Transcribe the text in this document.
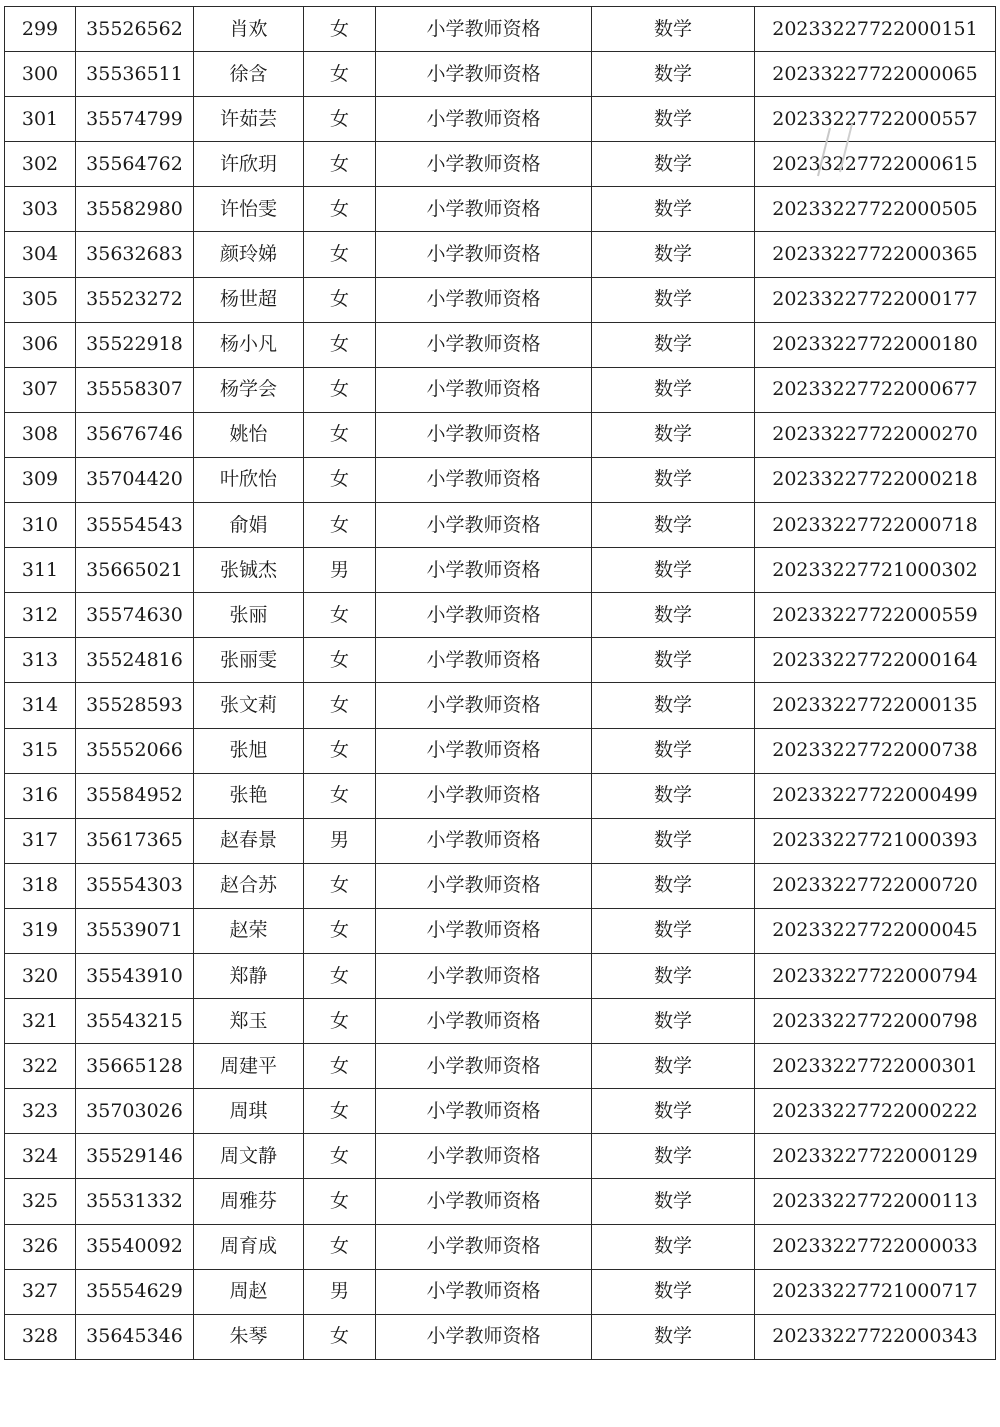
299	35526562	肖欢	女	小学教师资格	数学	20233227722000151
300	35536511	徐含	女	小学教师资格	数学	20233227722000065
301	35574799	许茹芸	女	小学教师资格	数学	20233227722000557
302	35564762	许欣玥	女	小学教师资格	数学	20233227722000615
303	35582980	许怡雯	女	小学教师资格	数学	20233227722000505
304	35632683	颜玲娣	女	小学教师资格	数学	20233227722000365
305	35523272	杨世超	女	小学教师资格	数学	20233227722000177
306	35522918	杨小凡	女	小学教师资格	数学	20233227722000180
307	35558307	杨学会	女	小学教师资格	数学	20233227722000677
308	35676746	姚怡	女	小学教师资格	数学	20233227722000270
309	35704420	叶欣怡	女	小学教师资格	数学	20233227722000218
310	35554543	俞娟	女	小学教师资格	数学	20233227722000718
311	35665021	张铖杰	男	小学教师资格	数学	20233227721000302
312	35574630	张丽	女	小学教师资格	数学	20233227722000559
313	35524816	张丽雯	女	小学教师资格	数学	20233227722000164
314	35528593	张文莉	女	小学教师资格	数学	20233227722000135
315	35552066	张旭	女	小学教师资格	数学	20233227722000738
316	35584952	张艳	女	小学教师资格	数学	20233227722000499
317	35617365	赵春景	男	小学教师资格	数学	20233227721000393
318	35554303	赵合苏	女	小学教师资格	数学	20233227722000720
319	35539071	赵荣	女	小学教师资格	数学	20233227722000045
320	35543910	郑静	女	小学教师资格	数学	20233227722000794
321	35543215	郑玉	女	小学教师资格	数学	20233227722000798
322	35665128	周建平	女	小学教师资格	数学	20233227722000301
323	35703026	周琪	女	小学教师资格	数学	20233227722000222
324	35529146	周文静	女	小学教师资格	数学	20233227722000129
325	35531332	周雅芬	女	小学教师资格	数学	20233227722000113
326	35540092	周育成	女	小学教师资格	数学	20233227722000033
327	35554629	周赵	男	小学教师资格	数学	20233227721000717
328	35645346	朱琴	女	小学教师资格	数学	20233227722000343
